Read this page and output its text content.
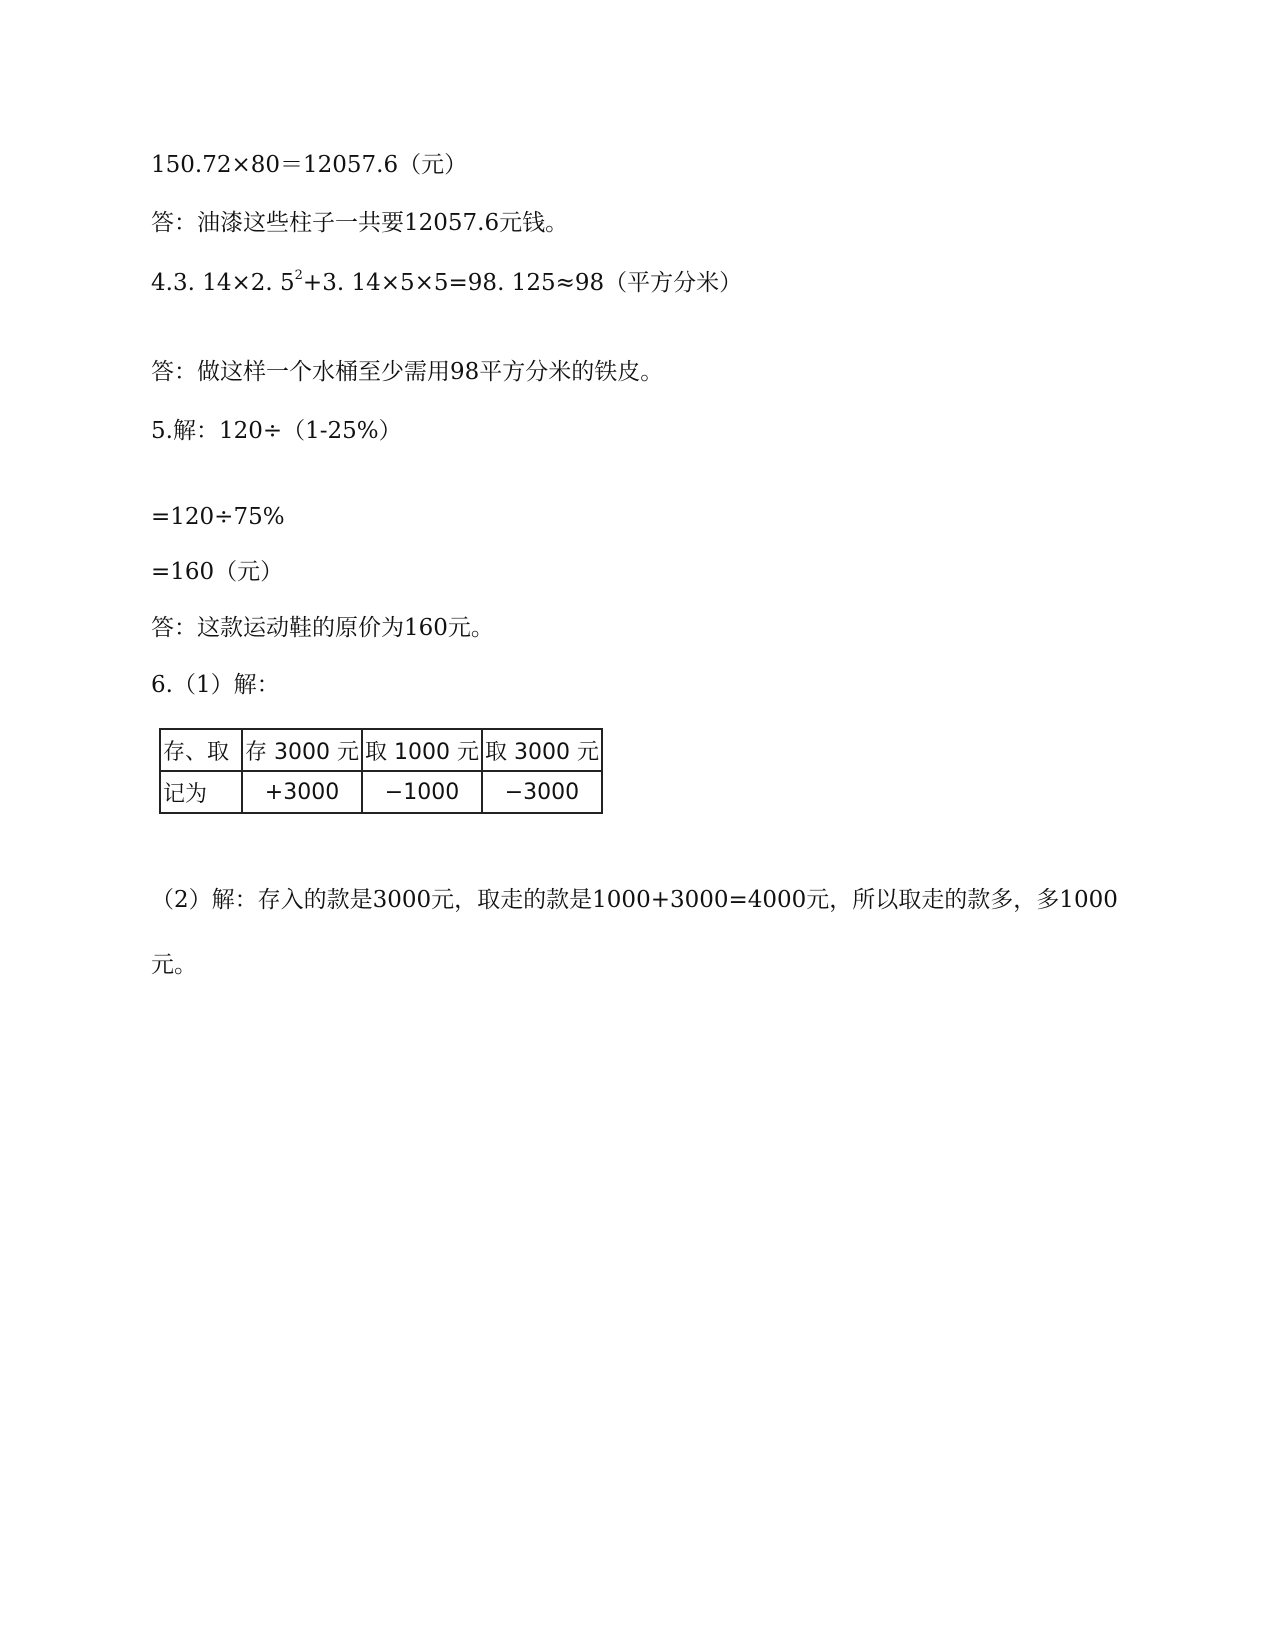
150.72×80＝12057.6（元）
答：油漆这些柱子一共要12057.6元钱。
4.3. 14×2. $5^2+3$. 14×5×5=98. 125≈98（平方分米）
答：做这样一个水桶至少需用98平方分米的铁皮。
5.解：120÷（1-25%）
=120÷75%
=160（元）
答：这款运动鞋的原价为160元。
6.（1）解：
存、取	存 3000 元	取 1000 元	取 3000 元
记为	+3000	−1000	−3000
（2）解：存入的款是3000元，取走的款是1000+3000=4000元，所以取走的款多，多1000
元。
